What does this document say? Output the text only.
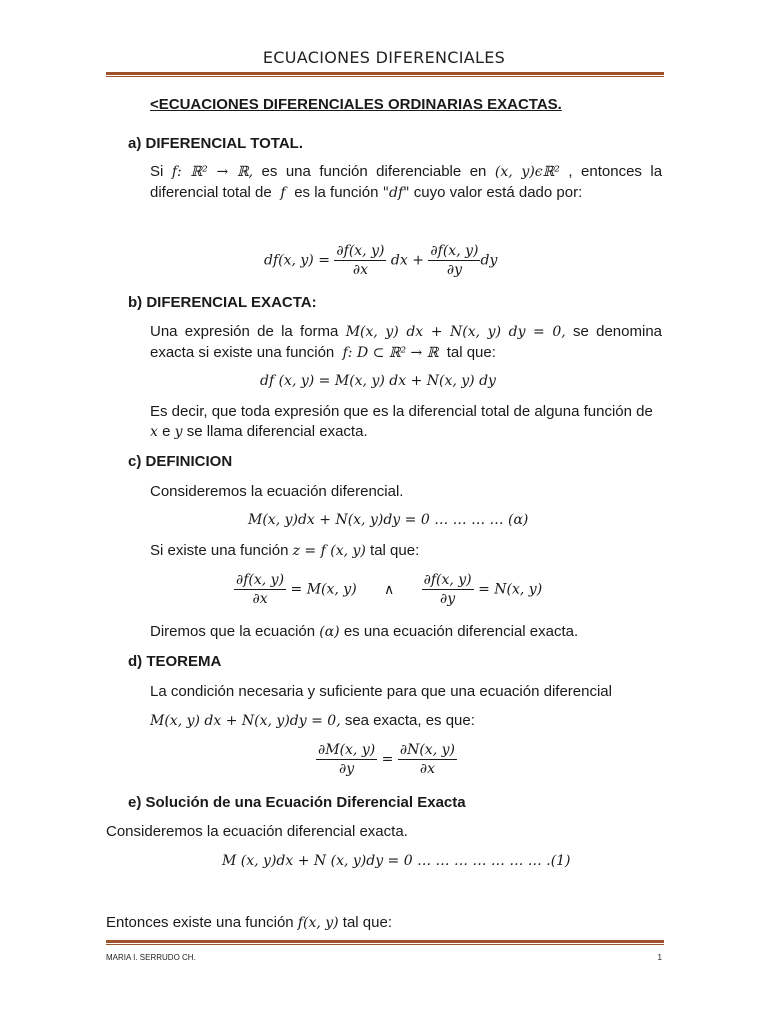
ECUACIONES DIFERENCIALES
<ECUACIONES DIFERENCIALES ORDINARIAS EXACTAS.
a) DIFERENCIAL TOTAL.
Si f: ℝ² → ℝ, es una función diferenciable en (x, y)ϵℝ² , entonces la
diferencial total de f es la función "df" cuyo valor está dado por:
df(x, $y) = \frac{\partial f(x, y)}{\partial x}$ dx + $\frac{\partial f(x, y)}{\partial y}$ dy
b) DIFERENCIAL EXACTA:
Una expresión de la forma M(x, y) dx + N(x, y) dy = 0, se denomina
exacta si existe una función f: D ⊂ ℝ² → ℝ tal que:
df (x, y) = M(x, y) dx + N(x, y) dy
Es decir, que toda expresión que es la diferencial total de alguna función de
x e y se llama diferencial exacta.
c) DEFINICION
Consideremos la ecuación diferencial.
M(x, y)dx + N(x, y)dy = 0 … … … … (α)
Si existe una función z = f (x, y) tal que:
$\frac{\partial f(x, y)}{\partial x} = M(x$, y) ∧ $\frac{\partial f(x, y)}{\partial y} = N(x$, y)
Diremos que la ecuación (α) es una ecuación diferencial exacta.
d) TEOREMA
La condición necesaria y suficiente para que una ecuación diferencial
M(x, y) dx + N(x, y)dy = 0, sea exacta, es que:
$\frac{\partial M(x, y)}{\partial y} = \frac{\partial N(x, y)}{\partial x}$
e) Solución de una Ecuación Diferencial Exacta
Consideremos la ecuación diferencial exacta.
M (x, y)dx + N (x, y)dy = 0 … … … … … … … .(1)
Entonces existe una función f(x, y) tal que:
MARIA I. SERRUDO CH.	1
